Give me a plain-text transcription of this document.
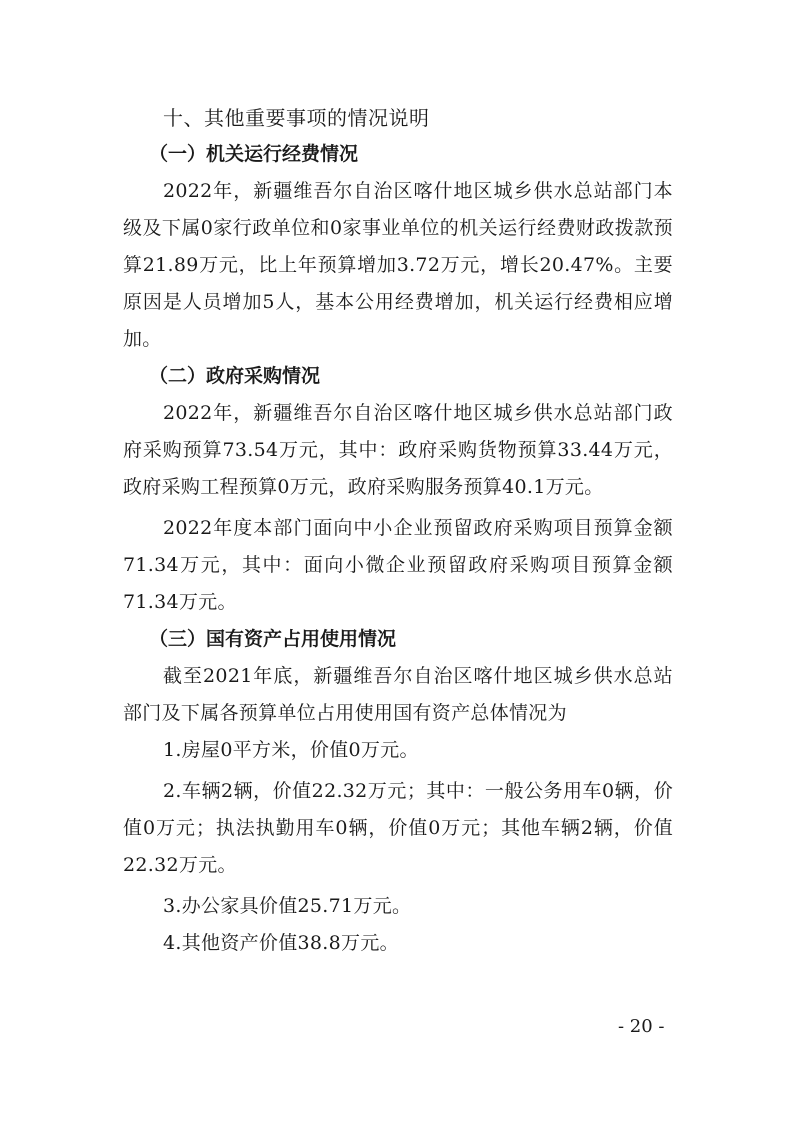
十、其他重要事项的情况说明
（一）机关运行经费情况
2022年，新疆维吾尔自治区喀什地区城乡供水总站部门本级及下属0家行政单位和0家事业单位的机关运行经费财政拨款预算21.89万元，比上年预算增加3.72万元，增长20.47%。主要原因是人员增加5人，基本公用经费增加，机关运行经费相应增加。
（二）政府采购情况
2022年，新疆维吾尔自治区喀什地区城乡供水总站部门政府采购预算73.54万元，其中：政府采购货物预算33.44万元，政府采购工程预算0万元，政府采购服务预算40.1万元。
2022年度本部门面向中小企业预留政府采购项目预算金额71.34万元，其中：面向小微企业预留政府采购项目预算金额71.34万元。
（三）国有资产占用使用情况
截至2021年底，新疆维吾尔自治区喀什地区城乡供水总站部门及下属各预算单位占用使用国有资产总体情况为
1.房屋0平方米，价值0万元。
2.车辆2辆，价值22.32万元；其中：一般公务用车0辆，价值0万元；执法执勤用车0辆，价值0万元；其他车辆2辆，价值22.32万元。
3.办公家具价值25.71万元。
4.其他资产价值38.8万元。
- 20 -
